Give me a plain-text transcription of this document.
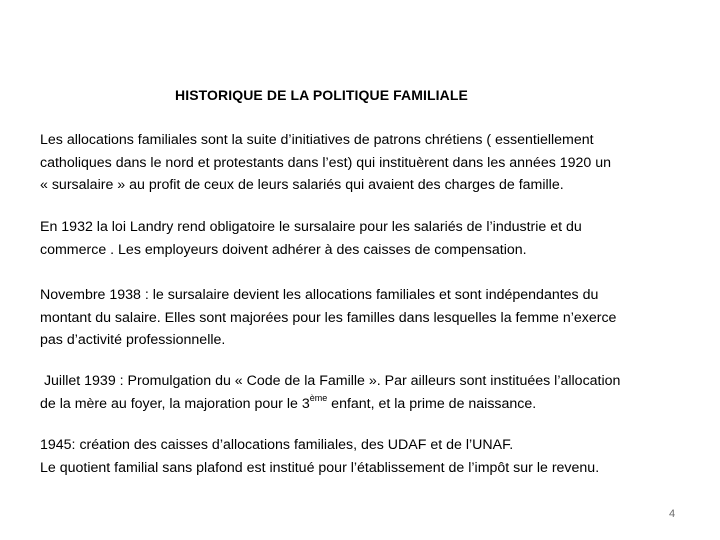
HISTORIQUE DE LA POLITIQUE FAMILIALE

Les allocations familiales sont la suite d’initiatives de patrons chrétiens ( essentiellement
catholiques dans le nord et protestants dans l’est) qui instituèrent dans les années 1920 un
« sursalaire » au profit de ceux de leurs salariés qui avaient des charges de famille.

En 1932 la loi Landry rend obligatoire le sursalaire pour les salariés de l’industrie et du
commerce . Les employeurs doivent adhérer à des caisses de compensation.

Novembre 1938 : le sursalaire devient les allocations familiales et sont indépendantes du
montant du salaire. Elles sont majorées pour les familles dans lesquelles la femme n’exerce
pas d’activité professionnelle.

Juillet 1939 : Promulgation du « Code de la Famille ». Par ailleurs sont instituées l’allocation
de la mère au foyer, la majoration pour le 3ème enfant, et la prime de naissance.

1945: création des caisses d’allocations familiales, des UDAF et de l’UNAF.
Le quotient familial sans plafond est institué pour l’établissement de l’impôt sur le revenu.

4
